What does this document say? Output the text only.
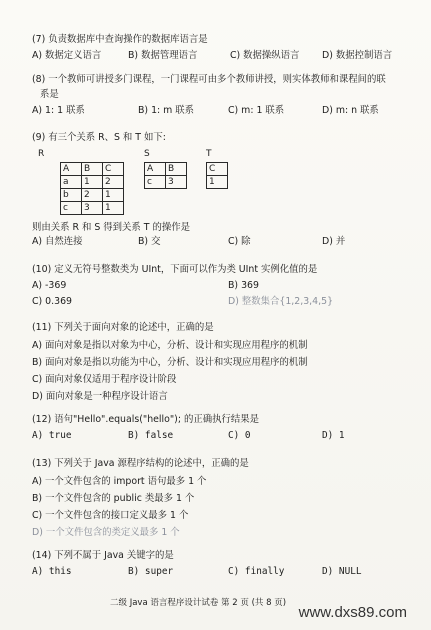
(7) 负责数据库中查询操作的数据库语言是
A) 数据定义语言	B) 数据管理语言	C) 数据操纵语言 D) 数据控制语言
(8) 一个教师可讲授多门课程，一门课程可由多个教师讲授，则实体教师和课程间的联
系是
A) 1: 1 联系	B) 1: m 联系	C) m: 1 联系	D) m: n 联系
(9) 有三个关系 R、S 和 T 如下:
R	S	T
A	B	C
a	1	2
b	2	1
c	3	1
A	B
c	3
C
1
则由关系 R 和 S 得到关系 T 的操作是
A) 自然连接	B) 交	C) 除	D) 并
(10) 定义无符号整数类为 UInt，下面可以作为类 UInt 实例化值的是
A) -369	B) 369
C) 0.369	D) 整数集合{1,2,3,4,5}
(11) 下列关于面向对象的论述中，正确的是
A) 面向对象是指以对象为中心，分析、设计和实现应用程序的机制
B) 面向对象是指以功能为中心，分析、设计和实现应用程序的机制
C) 面向对象仅适用于程序设计阶段
D) 面向对象是一种程序设计语言
(12) 语句"Hello".equals("hello"); 的正确执行结果是
A) true	B) false	C) 0	D) 1
(13) 下列关于 Java 源程序结构的论述中，正确的是
A) 一个文件包含的 import 语句最多 1 个
B) 一个文件包含的 public 类最多 1 个
C) 一个文件包含的接口定义最多 1 个
D) 一个文件包含的类定义最多 1 个
(14) 下列不属于 Java 关键字的是
A) this	B) super	C) finally	D) NULL
二级 Java 语言程序设计试卷 第 2 页 (共 8 页)
www.dxs89.com
